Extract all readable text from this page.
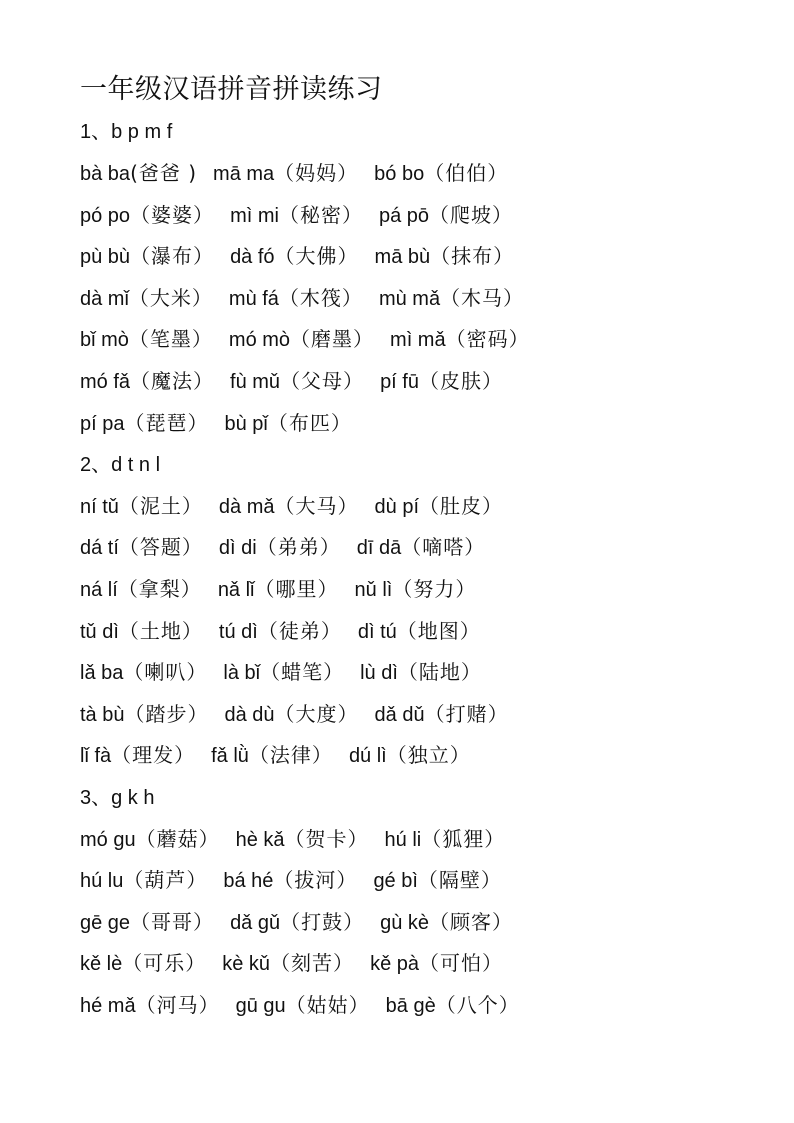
一年级汉语拼音拼读练习
1、b p m f
bà ba(爸爸 ) mā ma（妈妈） bó bo（伯伯）
pó po（婆婆） mì mi（秘密） pá pō（爬坡）
pù bù（瀑布） dà fó（大佛） mā bù（抹布）
dà mǐ（大米） mù fá（木筏） mù mǎ（木马）
bǐ mò（笔墨） mó mò（磨墨） mì mǎ（密码）
mó fǎ（魔法） fù mǔ（父母） pí fū（皮肤）
pí pa（琵琶） bù pǐ（布匹）
2、d t n l
ní tǔ（泥土） dà mǎ（大马） dù pí（肚皮）
dá tí（答题） dì di（弟弟） dī dā（嘀嗒）
ná lí（拿梨） nǎ lǐ（哪里） nǔ lì（努力）
tǔ dì（土地） tú dì（徒弟） dì tú（地图）
lǎ ba（喇叭） là bǐ（蜡笔） lù dì（陆地）
tà bù（踏步） dà dù（大度） dǎ dǔ（打赌）
lǐ fà（理发） fǎ lǜ（法律） dú lì（独立）
3、g k h
mó gu（蘑菇） hè kǎ（贺卡） hú li（狐狸）
hú lu（葫芦） bá hé（拔河） gé bì（隔壁）
gē ge（哥哥） dǎ gǔ（打鼓） gù kè（顾客）
kě lè（可乐） kè kǔ（刻苦） kě pà（可怕）
hé mǎ（河马） gū gu（姑姑） bā gè（八个）
